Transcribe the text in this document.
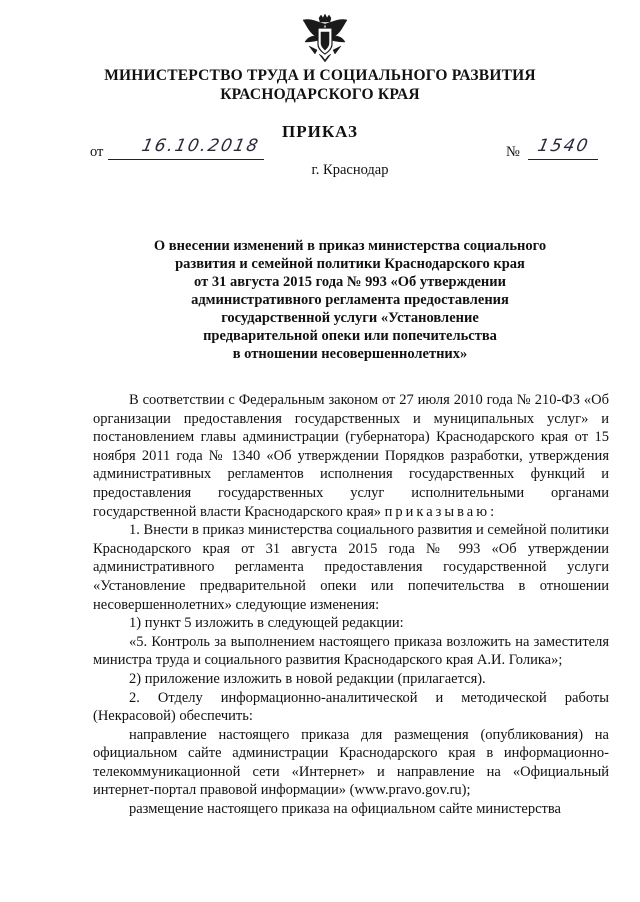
МИНИСТЕРСТВО ТРУДА И СОЦИАЛЬНОГО РАЗВИТИЯ
КРАСНОДАРСКОГО КРАЯ
ПРИКАЗ
от 16.10.2018	№ 1540
г. Краснодар
О внесении изменений в приказ министерства социального
развития и семейной политики Краснодарского края
от 31 августа 2015 года № 993 «Об утверждении
административного регламента предоставления
государственной услуги «Установление
предварительной опеки или попечительства
в отношении несовершеннолетних»

В соответствии с Федеральным законом от 27 июля 2010 года № 210-ФЗ «Об организации предоставления государственных и муниципальных услуг» и постановлением главы администрации (губернатора) Краснодарского края от 15 ноября 2011 года № 1340 «Об утверждении Порядков разработки, утверждения административных регламентов исполнения государственных функций и предоставления государственных услуг исполнительными органами государственной власти Краснодарского края» приказываю:

1. Внести в приказ министерства социального развития и семейной политики Краснодарского края от 31 августа 2015 года № 993 «Об утверждении административного регламента предоставления государственной услуги «Установление предварительной опеки или попечительства в отношении несовершеннолетних» следующие изменения:

1) пункт 5 изложить в следующей редакции:

«5. Контроль за выполнением настоящего приказа возложить на заместителя министра труда и социального развития Краснодарского края А.И. Голика»;

2) приложение изложить в новой редакции (прилагается).

2. Отделу информационно-аналитической и методической работы (Некрасовой) обеспечить:

направление настоящего приказа для размещения (опубликования) на официальном сайте администрации Краснодарского края в информационно-телекоммуникационной сети «Интернет» и направление на «Официальный интернет-портал правовой информации» (www.pravo.gov.ru);

размещение настоящего приказа на официальном сайте министерства
